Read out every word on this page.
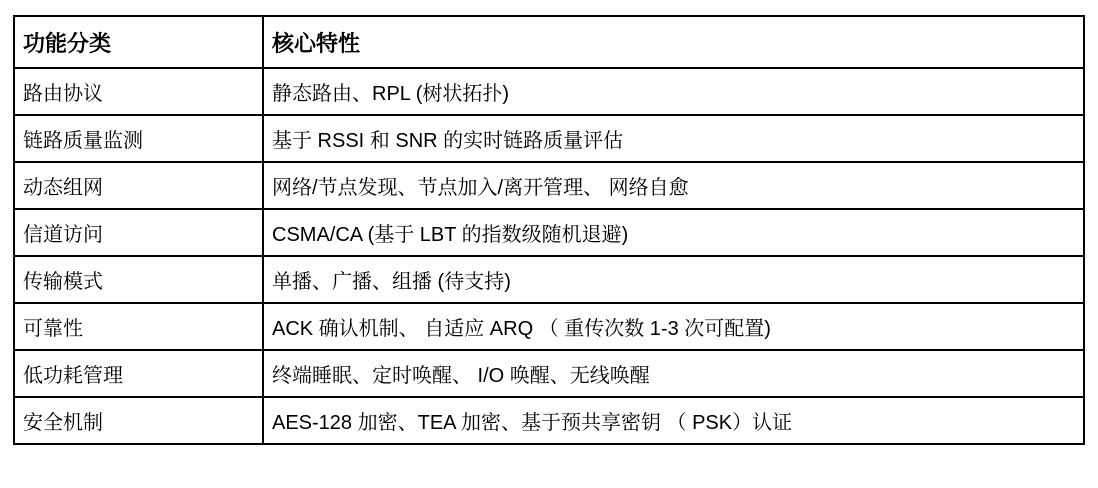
功能分类	核心特性
路由协议	静态路由、RPL (树状拓扑)
链路质量监测	基于 RSSI 和 SNR 的实时链路质量评估
动态组网	网络/节点发现、节点加入/离开管理、 网络自愈
信道访问	CSMA/CA (基于 LBT 的指数级随机退避)
传输模式	单播、广播、组播 (待支持)
可靠性	ACK 确认机制、 自适应 ARQ （ 重传次数 1-3 次可配置)
低功耗管理	终端睡眠、定时唤醒、 I/O 唤醒、无线唤醒
安全机制	AES-128 加密、TEA 加密、基于预共享密钥 （ PSK）认证
